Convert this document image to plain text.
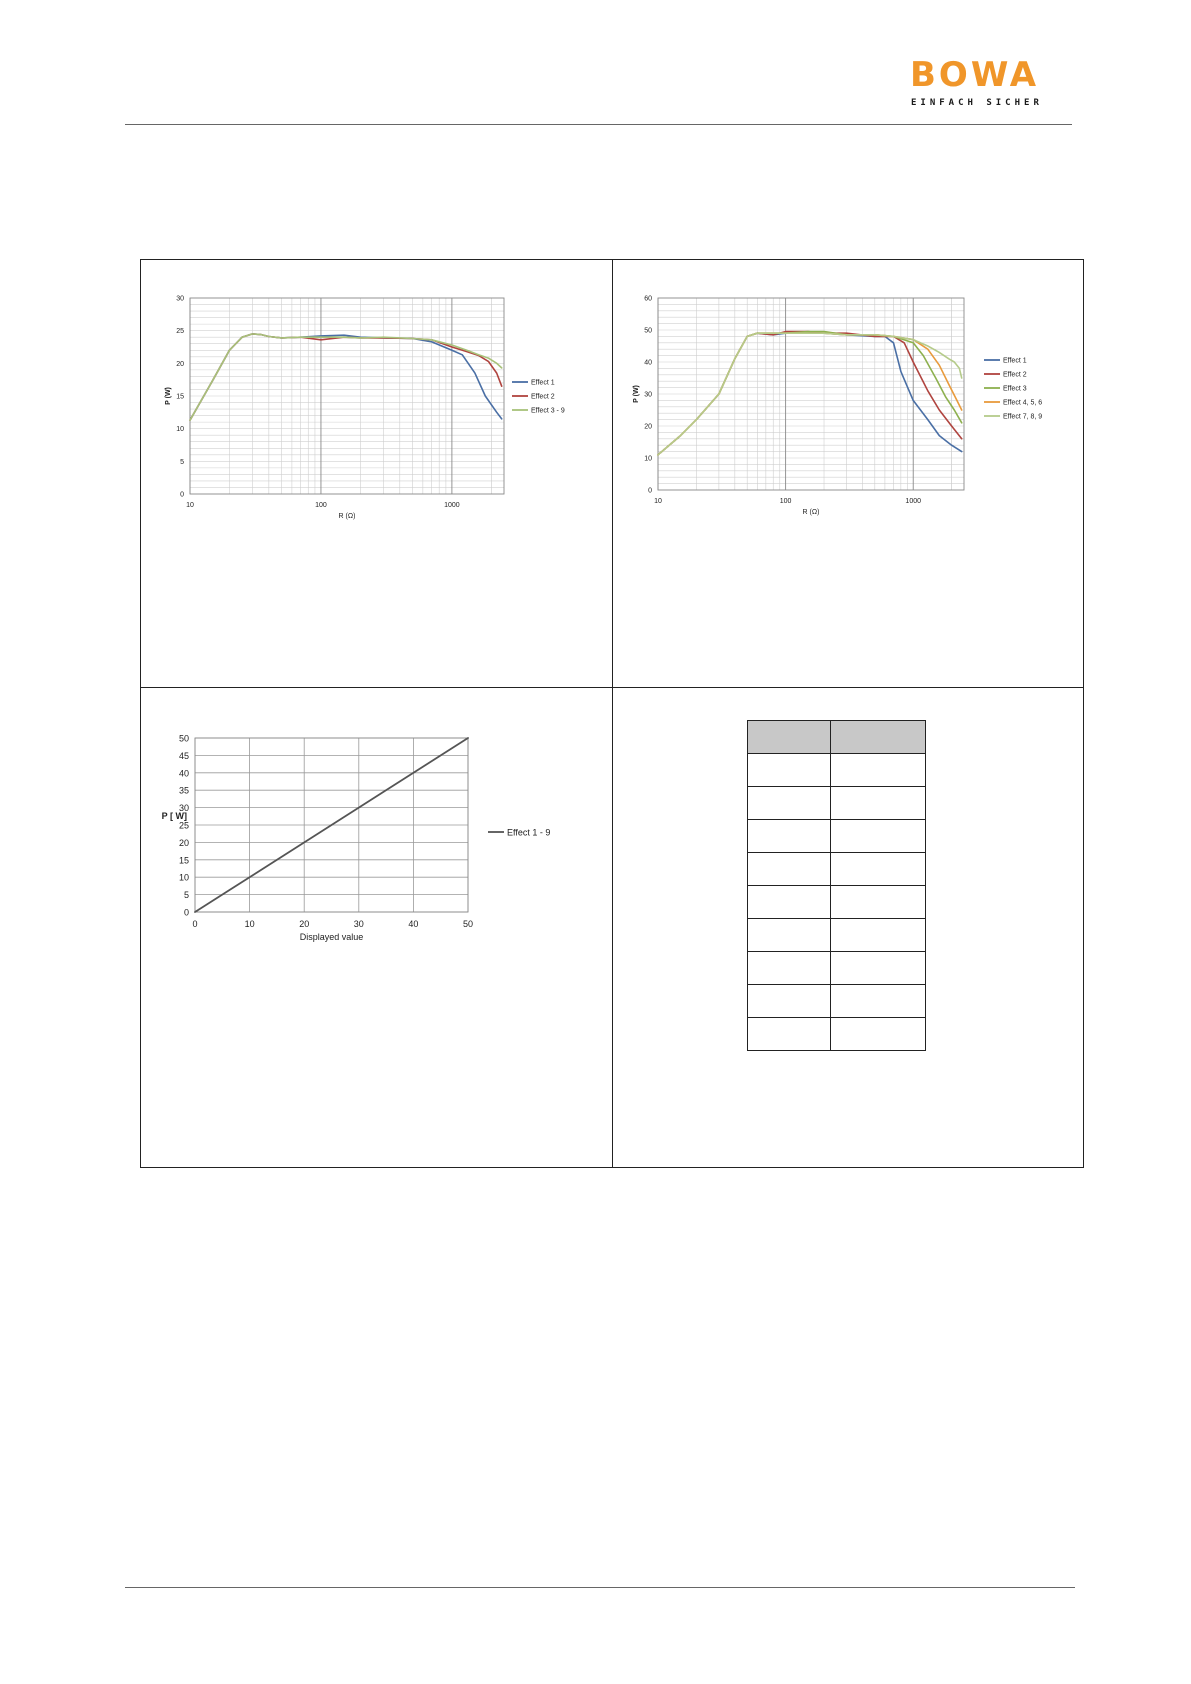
BOWA
EINFACH SICHER
0
5
10
15
20
25
30
10	100	1000
R (Ω)
P (W)
Effect 1
Effect 2
Effect 3 - 9
0
10
20
30
40
50
60
10	100	1000
R (Ω)
P (W)
Effect 1
Effect 2
Effect 3
Effect 4, 5, 6
Effect 7, 8, 9
0
5
10
15
20
25
30
35
40
45
50
0	10	20	30	40	50
Displayed value
P [ W]
Effect 1 - 9
